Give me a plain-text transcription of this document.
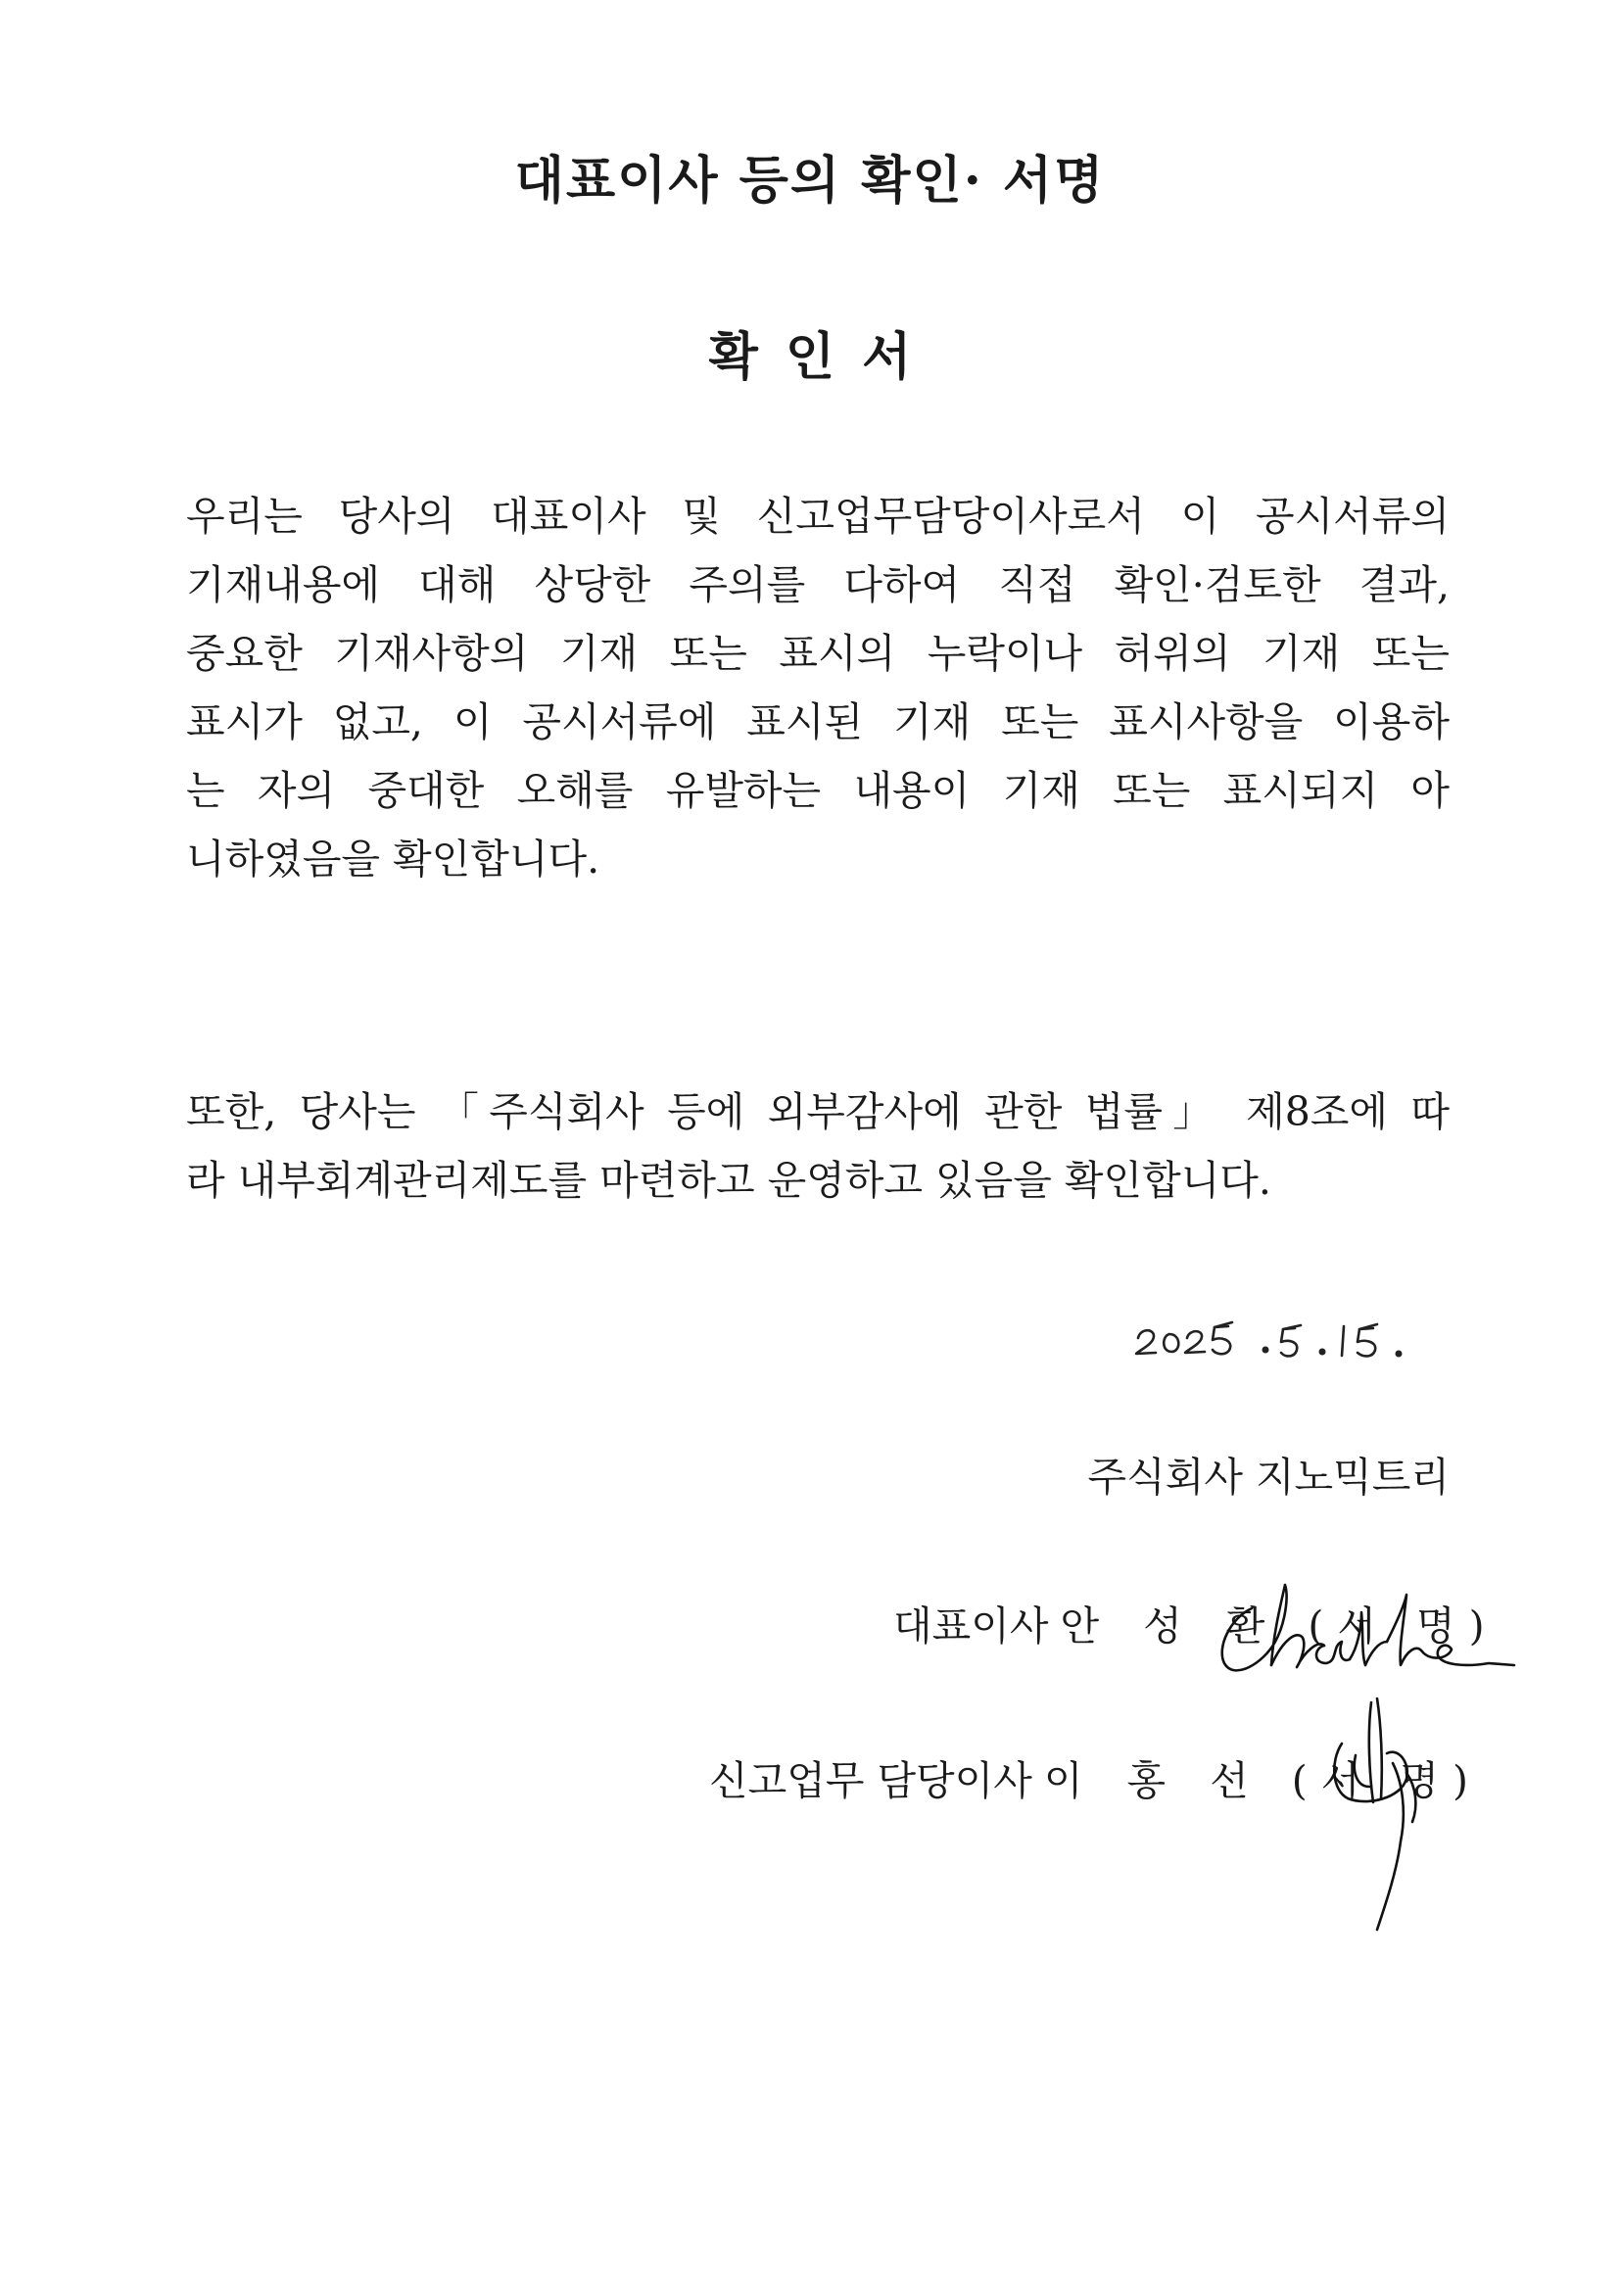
대표이사 등의 확인· 서명
확인서
우리는 당사의 대표이사 및 신고업무담당이사로서 이 공시서류의
기재내용에 대해 상당한 주의를 다하여 직접 확인·검토한 결과,
중요한 기재사항의 기재 또는 표시의 누락이나 허위의 기재 또는
표시가 없고, 이 공시서류에 표시된 기재 또는 표시사항을 이용하
는 자의 중대한 오해를 유발하는 내용이 기재 또는 표시되지 아
니하였음을 확인합니다.
또한, 당사는 「주식회사 등에 외부감사에 관한 법률」 제8조에 따
라 내부회계관리제도를 마련하고 운영하고 있음을 확인합니다.

주식회사 지노믹트리

대표이사 안 성 환 (서 명)
신고업무 담당이사 이 홍 선 (서 명)
